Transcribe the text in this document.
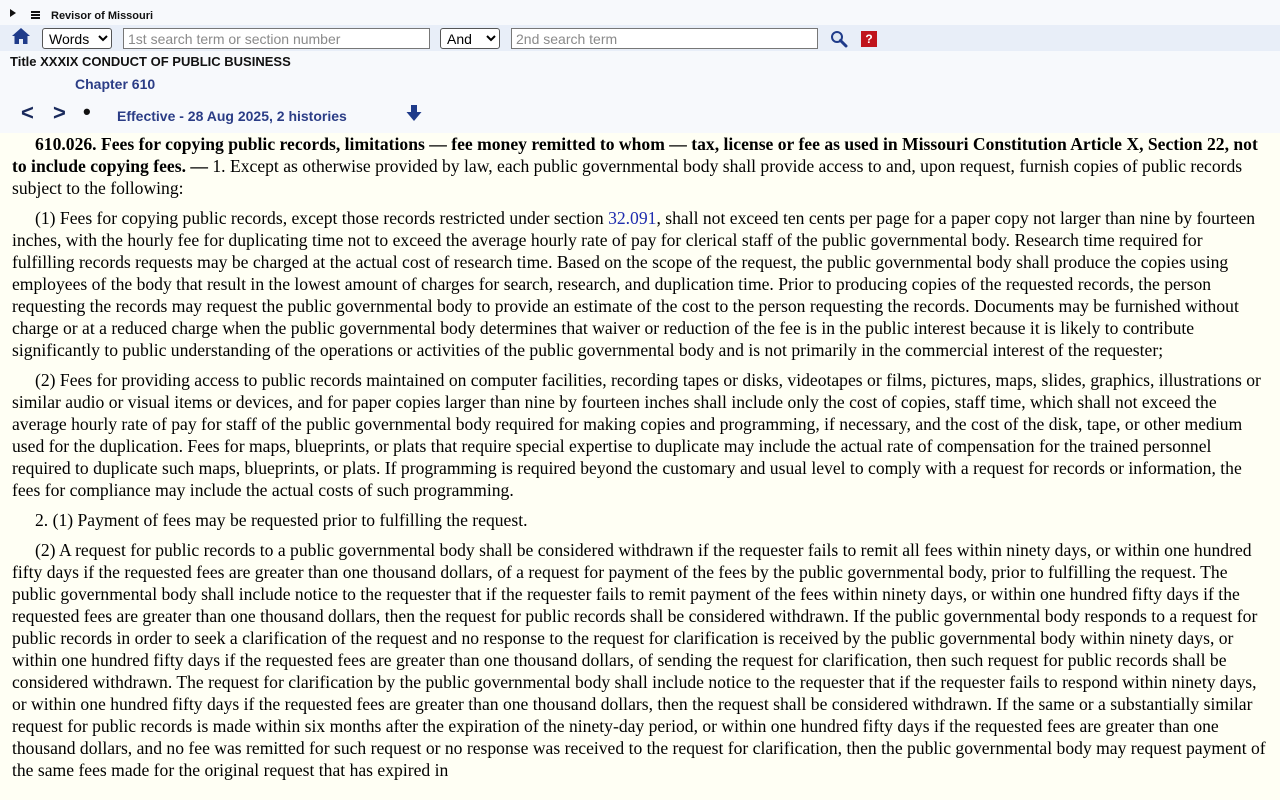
Revisor of Missouri
Words
1st search term or section number
And
2nd search term
?
Title XXXIX CONDUCT OF PUBLIC BUSINESS
Chapter 610
< > • Effective - 28 Aug 2025, 2 histories

610.026. Fees for copying public records, limitations — fee money remitted to whom — tax, license or fee as used in Missouri Constitution Article X, Section 22, not to include copying fees. — 1. Except as otherwise provided by law, each public governmental body shall provide access to and, upon request, furnish copies of public records subject to the following:

(1) Fees for copying public records, except those records restricted under section 32.091, shall not exceed ten cents per page for a paper copy not larger than nine by fourteen inches, with the hourly fee for duplicating time not to exceed the average hourly rate of pay for clerical staff of the public governmental body. Research time required for fulfilling records requests may be charged at the actual cost of research time. Based on the scope of the request, the public governmental body shall produce the copies using employees of the body that result in the lowest amount of charges for search, research, and duplication time. Prior to producing copies of the requested records, the person requesting the records may request the public governmental body to provide an estimate of the cost to the person requesting the records. Documents may be furnished without charge or at a reduced charge when the public governmental body determines that waiver or reduction of the fee is in the public interest because it is likely to contribute significantly to public understanding of the operations or activities of the public governmental body and is not primarily in the commercial interest of the requester;

(2) Fees for providing access to public records maintained on computer facilities, recording tapes or disks, videotapes or films, pictures, maps, slides, graphics, illustrations or similar audio or visual items or devices, and for paper copies larger than nine by fourteen inches shall include only the cost of copies, staff time, which shall not exceed the average hourly rate of pay for staff of the public governmental body required for making copies and programming, if necessary, and the cost of the disk, tape, or other medium used for the duplication. Fees for maps, blueprints, or plats that require special expertise to duplicate may include the actual rate of compensation for the trained personnel required to duplicate such maps, blueprints, or plats. If programming is required beyond the customary and usual level to comply with a request for records or information, the fees for compliance may include the actual costs of such programming.

2. (1) Payment of fees may be requested prior to fulfilling the request.

(2) A request for public records to a public governmental body shall be considered withdrawn if the requester fails to remit all fees within ninety days, or within one hundred fifty days if the requested fees are greater than one thousand dollars, of a request for payment of the fees by the public governmental body, prior to fulfilling the request. The public governmental body shall include notice to the requester that if the requester fails to remit payment of the fees within ninety days, or within one hundred fifty days if the requested fees are greater than one thousand dollars, then the request for public records shall be considered withdrawn. If the public governmental body responds to a request for public records in order to seek a clarification of the request and no response to the request for clarification is received by the public governmental body within ninety days, or within one hundred fifty days if the requested fees are greater than one thousand dollars, of sending the request for clarification, then such request for public records shall be considered withdrawn. The request for clarification by the public governmental body shall include notice to the requester that if the requester fails to respond within ninety days, or within one hundred fifty days if the requested fees are greater than one thousand dollars, then the request shall be considered withdrawn. If the same or a substantially similar request for public records is made within six months after the expiration of the ninety-day period, or within one hundred fifty days if the requested fees are greater than one thousand dollars, and no fee was remitted for such request or no response was received to the request for clarification, then the public governmental body may request payment of the same fees made for the original request that has expired in
